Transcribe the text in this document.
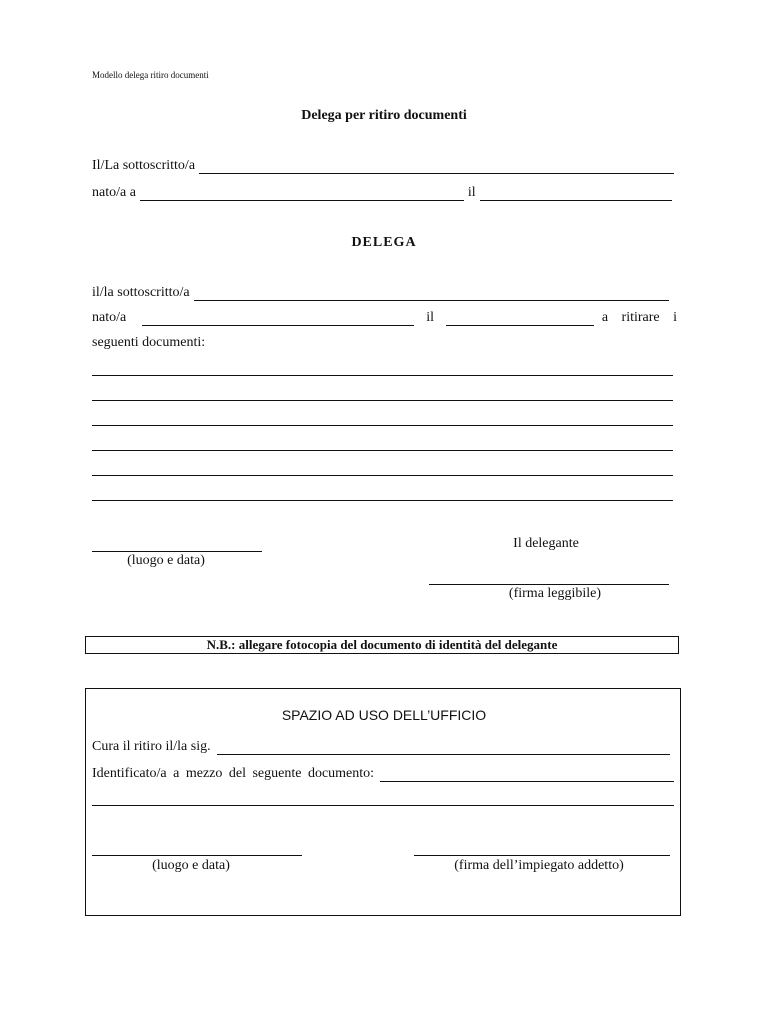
Modello delega ritiro documenti
Delega per ritiro documenti
Il/La sottoscritto/a
nato/a a	il
DELEGA
il/la sottoscritto/a
nato/a	il	a ritirare i
seguenti documenti:
(luogo e data)
Il delegante
(firma leggibile)
N.B.: allegare fotocopia del documento di identità del delegante
SPAZIO AD USO DELL’UFFICIO
Cura il ritiro il/la sig.
Identificato/a a mezzo del seguente documento:
(luogo e data)	(firma dell’impiegato addetto)
